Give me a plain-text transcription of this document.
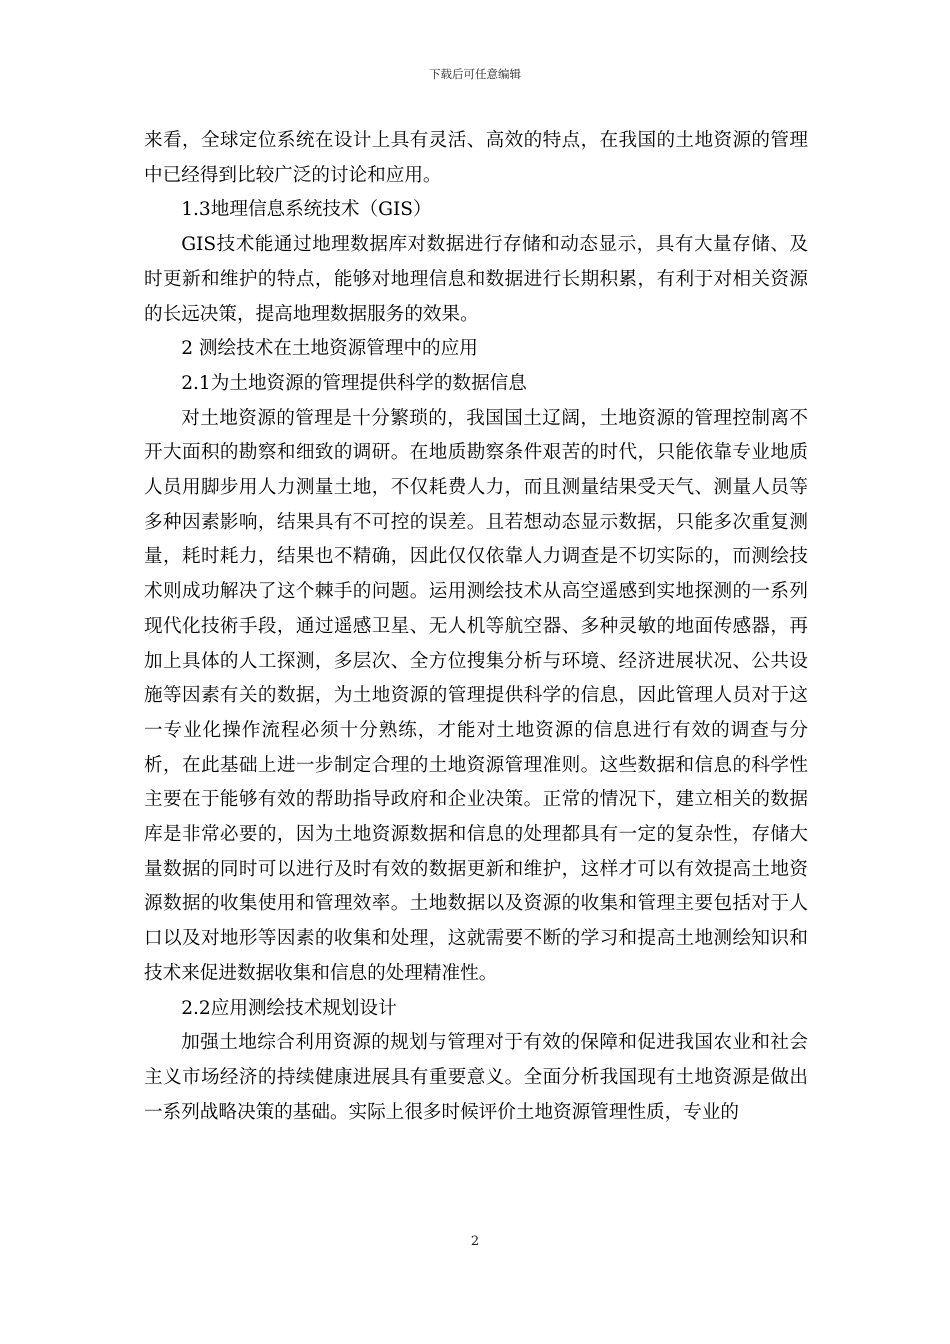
下载后可任意编辑

来看，全球定位系统在设计上具有灵活、高效的特点，在我国的土地资源的管理中已经得到比较广泛的讨论和应用。

1.3地理信息系统技术（GIS）

GIS技术能通过地理数据库对数据进行存储和动态显示，具有大量存储、及时更新和维护的特点，能够对地理信息和数据进行长期积累，有利于对相关资源的长远决策，提高地理数据服务的效果。

2 测绘技术在土地资源管理中的应用

2.1为土地资源的管理提供科学的数据信息

对土地资源的管理是十分繁琐的，我国国土辽阔，土地资源的管理控制离不开大面积的勘察和细致的调研。在地质勘察条件艰苦的时代，只能依靠专业地质人员用脚步用人力测量土地，不仅耗费人力，而且测量结果受天气、测量人员等多种因素影响，结果具有不可控的误差。且若想动态显示数据，只能多次重复测量，耗时耗力，结果也不精确，因此仅仅依靠人力调查是不切实际的，而测绘技术则成功解决了这个棘手的问题。运用测绘技术从高空遥感到实地探测的一系列现代化技術手段，通过遥感卫星、无人机等航空器、多种灵敏的地面传感器，再加上具体的人工探测，多层次、全方位搜集分析与环境、经济进展状况、公共设施等因素有关的数据，为土地资源的管理提供科学的信息，因此管理人员对于这一专业化操作流程必须十分熟练，才能对土地资源的信息进行有效的调查与分析，在此基础上进一步制定合理的土地资源管理准则。这些数据和信息的科学性主要在于能够有效的帮助指导政府和企业决策。正常的情况下，建立相关的数据库是非常必要的，因为土地资源数据和信息的处理都具有一定的复杂性，存储大量数据的同时可以进行及时有效的数据更新和维护，这样才可以有效提高土地资源数据的收集使用和管理效率。土地数据以及资源的收集和管理主要包括对于人口以及对地形等因素的收集和处理，这就需要不断的学习和提高土地测绘知识和技术来促进数据收集和信息的处理精准性。

2.2应用测绘技术规划设计

加强土地综合利用资源的规划与管理对于有效的保障和促进我国农业和社会主义市场经济的持续健康进展具有重要意义。全面分析我国现有土地资源是做出一系列战略决策的基础。实际上很多时候评价土地资源管理性质，专业的

2
